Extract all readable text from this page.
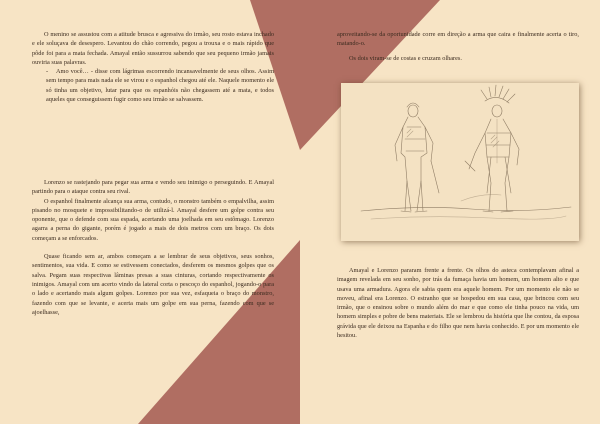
O menino se assustou com a atitude brusca e agressiva do irmão, seu rosto estava inchado e ele soluçava de desespero. Levantou do chão correndo, pegou a trouxa e o mais rápido que pôde foi para a mata fechada. Amayal então sussurrou sabendo que seu pequeno irmão jamais ouviria suas palavras.

- Amo você… - disse com lágrimas escorrendo incansavelmente de seus olhos. Assim sem tempo para mais nada ele se virou e o espanhol chegou até ele. Naquele momento ele só tinha um objetivo, lutar para que os espanhóis não chegassem até a mata, e todos aqueles que conseguissem fugir como seu irmão se salvassem.

Lorenzo se rastejando para pegar sua arma e vendo seu inimigo o perseguindo. E Amayal partindo para o ataque contra seu rival.

O espanhol finalmente alcança sua arma, contudo, o monstro também o empalvilha, assim pisando no mosquete e impossibilitando-o de utilizá-l. Amayal desfere um golpe contra seu oponente, que o defende com sua espada, acertando uma joelhada em seu estômago. Lorenzo agarra a perna do gigante, porém é jogado a mais de dois metros com um braço. Os dois começam a se enforcados.

Quase ficando sem ar, ambos começam a se lembrar de seus objetivos, seus sonhos, sentimentos, sua vida. E como se estivessem conectados, desferem os mesmos golpes que os salva. Pegam suas respectivas lâminas presas a suas cinturas, cortando respectivamente os inimigos. Amayal com um acerto vindo da lateral corta o pescoço do espanhol, jogando-o para o lado e acertando mais algum golpes. Lorenzo por sua vez, esfaqueia o braço do monstro, fazendo com que se levante, e acerta mais um golpe em sua perna, fazendo com que se ajoelhasse,

aproveitando-se da oportunidade corre em direção a arma que caira e finalmente acerta o tiro, matando-o.

Os dois viram-se de costas e cruzam olhares.

Amayal e Lorenzo pararam frente a frente. Os olhos do asteca contemplavam afinal a imagem revelada em seu sonho, por trás da fumaça havia um homem, um homem alto e que usava uma armadura. Agora ele sabia quem era aquele homem. Por um momento ele não se moveu, afinal era Lorenzo. O estranho que se hospedou em sua casa, que brincou com seu irmão, que o ensinou sobre o mundo além do mar e que como ele tinha pouco na vida, um homem simples e pobre de bens materiais. Ele se lembrou da história que lhe contou, da esposa grávida que ele deixou na Espanha e do filho que nem havia conhecido. E por um momento ele hesitou.
